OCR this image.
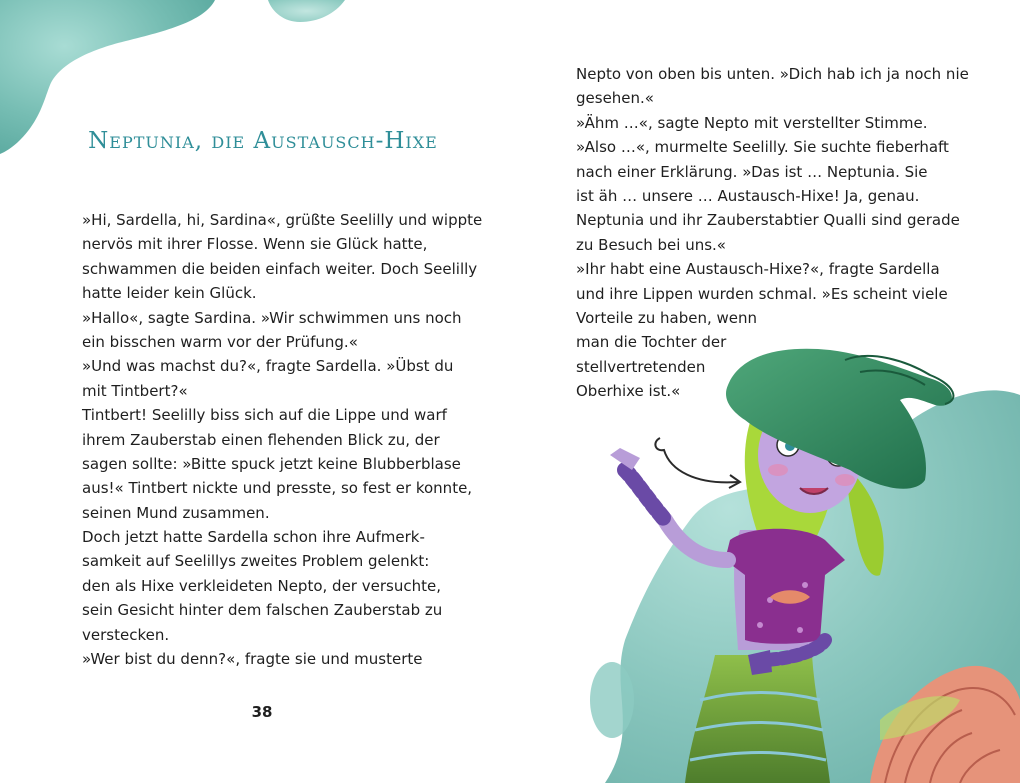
Neptunia, die Austausch-Hixe
»Hi, Sardella, hi, Sardina«, grüßte Seelilly und wippte
nervös mit ihrer Flosse. Wenn sie Glück hatte,
schwammen die beiden einfach weiter. Doch Seelilly
hatte leider kein Glück.
»Hallo«, sagte Sardina. »Wir schwimmen uns noch
ein bisschen warm vor der Prüfung.«
»Und was machst du?«, fragte Sardella. »Übst du
mit Tintbert?«
Tintbert! Seelilly biss sich auf die Lippe und warf
ihrem Zauberstab einen flehenden Blick zu, der
sagen sollte: »Bitte spuck jetzt keine Blubberblase
aus!« Tintbert nickte und presste, so fest er konnte,
seinen Mund zusammen.
Doch jetzt hatte Sardella schon ihre Aufmerk-
samkeit auf Seelillys zweites Problem gelenkt:
den als Hixe verkleideten Nepto, der versuchte,
sein Gesicht hinter dem falschen Zauberstab zu
verstecken.
»Wer bist du denn?«, fragte sie und musterte
Nepto von oben bis unten. »Dich hab ich ja noch nie
gesehen.«
»Ähm …«, sagte Nepto mit verstellter Stimme.
»Also …«, murmelte Seelilly. Sie suchte fieberhaft
nach einer Erklärung. »Das ist … Neptunia. Sie
ist äh … unsere … Austausch-Hixe! Ja, genau.
Neptunia und ihr Zauberstabtier Qualli sind gerade
zu Besuch bei uns.«
»Ihr habt eine Austausch-Hixe?«, fragte Sardella
und ihre Lippen wurden schmal. »Es scheint viele
Vorteile zu haben, wenn
man die Tochter der
stellvertretenden
Oberhixe ist.«
38
